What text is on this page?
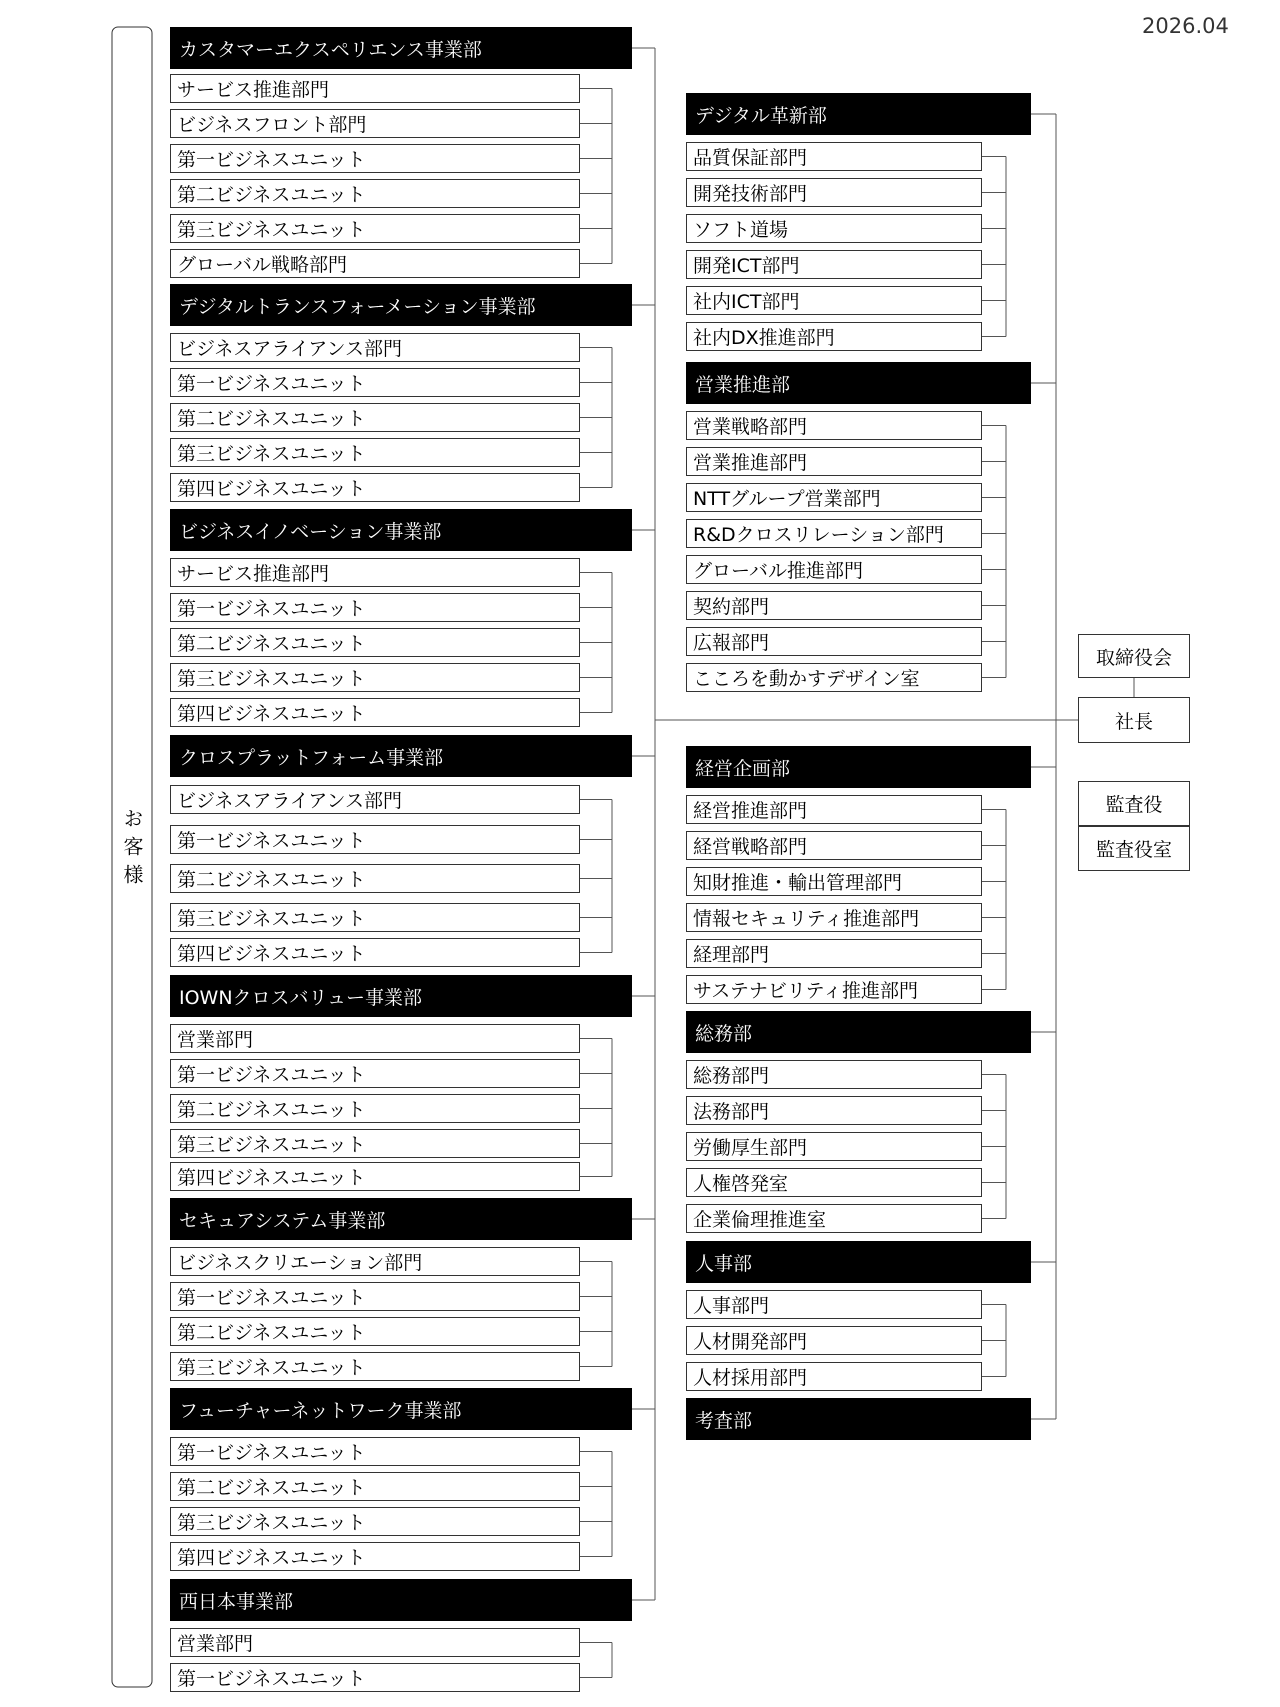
2026.04
お客様
カスタマーエクスペリエンス事業部
サービス推進部門
ビジネスフロント部門
第一ビジネスユニット
第二ビジネスユニット
第三ビジネスユニット
グローバル戦略部門
デジタルトランスフォーメーション事業部
ビジネスアライアンス部門
第一ビジネスユニット
第二ビジネスユニット
第三ビジネスユニット
第四ビジネスユニット
ビジネスイノベーション事業部
サービス推進部門
第一ビジネスユニット
第二ビジネスユニット
第三ビジネスユニット
第四ビジネスユニット
クロスプラットフォーム事業部
ビジネスアライアンス部門
第一ビジネスユニット
第二ビジネスユニット
第三ビジネスユニット
第四ビジネスユニット
IOWNクロスバリュー事業部
営業部門
第一ビジネスユニット
第二ビジネスユニット
第三ビジネスユニット
第四ビジネスユニット
セキュアシステム事業部
ビジネスクリエーション部門
第一ビジネスユニット
第二ビジネスユニット
第三ビジネスユニット
フューチャーネットワーク事業部
第一ビジネスユニット
第二ビジネスユニット
第三ビジネスユニット
第四ビジネスユニット
西日本事業部
営業部門
第一ビジネスユニット
デジタル革新部
品質保証部門
開発技術部門
ソフト道場
開発ICT部門
社内ICT部門
社内DX推進部門
営業推進部
営業戦略部門
営業推進部門
NTTグループ営業部門
R&Dクロスリレーション部門
グローバル推進部門
契約部門
広報部門
こころを動かすデザイン室
経営企画部
経営推進部門
経営戦略部門
知財推進・輸出管理部門
情報セキュリティ推進部門
経理部門
サステナビリティ推進部門
総務部
総務部門
法務部門
労働厚生部門
人権啓発室
企業倫理推進室
人事部
人事部門
人材開発部門
人材採用部門
考査部
取締役会
社長
監査役
監査役室
